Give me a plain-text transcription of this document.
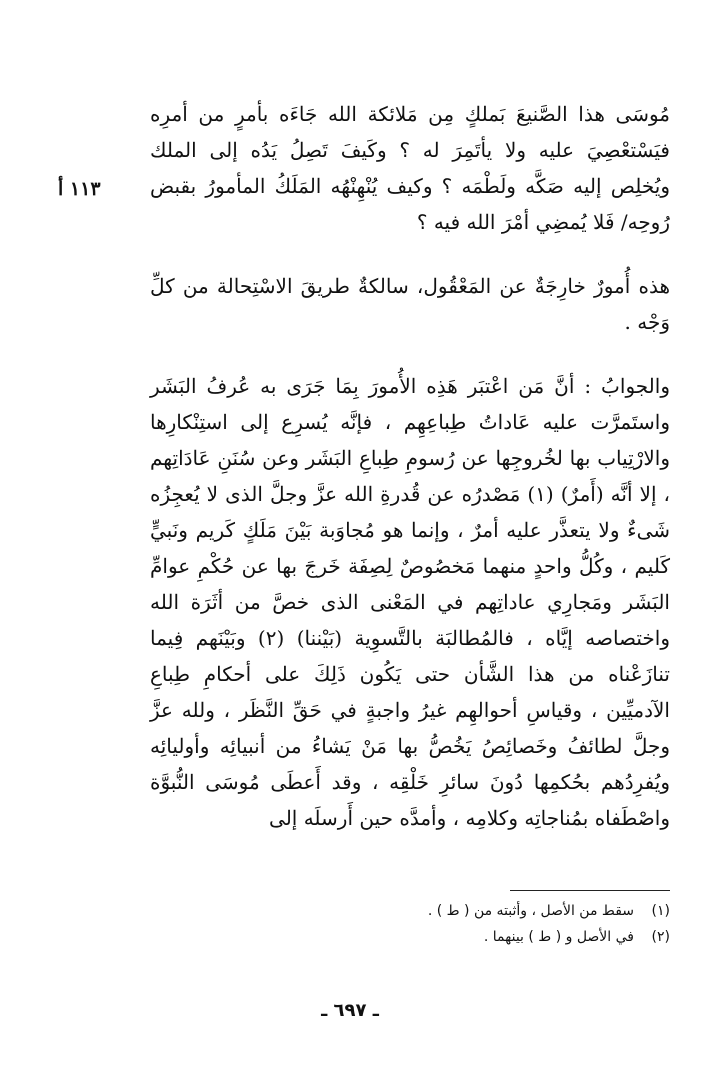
مُوسَى هذا الصَّنيعَ بَملكٍ مِن مَلائكة الله جَاءَه بأمرٍ من أمرِه فيَسْتعْصِيَ عليه ولا يأتَمِرَ له ؟ وكَيفَ تَصِلُ يَدُه إلى الملك ويُخلِص إليه صَكَّه ولَطْمَه ؟ وكيف يُنْهِنْهُه المَلَكُ المأمورُ بقبض رُوحِه/ فَلا يُمضِي أمْرَ الله فيه ؟

١١٣ أ

هذه أُمورٌ خارِجَةٌ عن المَعْقُول، سالكةٌ طريقَ الاسْتِحالة من كلِّ وَجْه .

والجوابُ : أنَّ مَن اعْتبَر هَذِه الأُمورَ بِمَا جَرَى به عُرفُ البَشَر واستَمرَّت عليه عَاداتُ طِباعِهِم ، فإنَّه يُسرِع إلى استِنْكارِها والارْتِياب بها لخُروجِها عن رُسومِ طِباعِ البَشَر وعن سُنَنِ عَادَاتِهم ، إلا أنَّه (أَمرٌ) (١) مَصْدرُه عن قُدرةِ الله عزَّ وجلَّ الذى لا يُعجِزُه شَىءٌ ولا يتعذَّر عليه أمرٌ ، وإنما هو مُجاوَبة بَيْنَ مَلَكٍ كَريم ونَبيٍّ كَليم ، وكُلُّ واحدٍ منهما مَخصُوصٌ لِصِفَة خَرجَ بها عن حُكْمِ عوامِّ البَشَر ومَجارِي عاداتِهم في المَعْنى الذى خصَّ من أثَرَة الله واختصاصه إيَّاه ، فالمُطالبَة بالتَّسوِية (بَيْننا) (٢) وبَيْنَهم فِيما تنازَعْناه من هذا الشَّأن حتى يَكُون ذَلِكَ على أحكامِ طِباعِ الآدميِّين ، وقياسِ أحوالهِم غيرُ واجبةٍ في حَقِّ النَّظَر ، ولله عزَّ وجلَّ لطائفُ وخَصائِصُ يَخُصُّ بها مَنْ يَشاءُ من أنبيائِه وأوليائِه ويُفرِدُهم بحُكمِها دُونَ سائرِ خَلْقِه ، وقد أَعطَى مُوسَى النُّبوَّة واصْطَفاه بمُناجاتِه وكلامِه ، وأمدَّه حين أَرسلَه إلى

(١)
سقط من الأصل ، وأثبته من ( ط ) .
(٢)
في الأصل و ( ط ) بينهما .
ـ ٦٩٧ ـ
